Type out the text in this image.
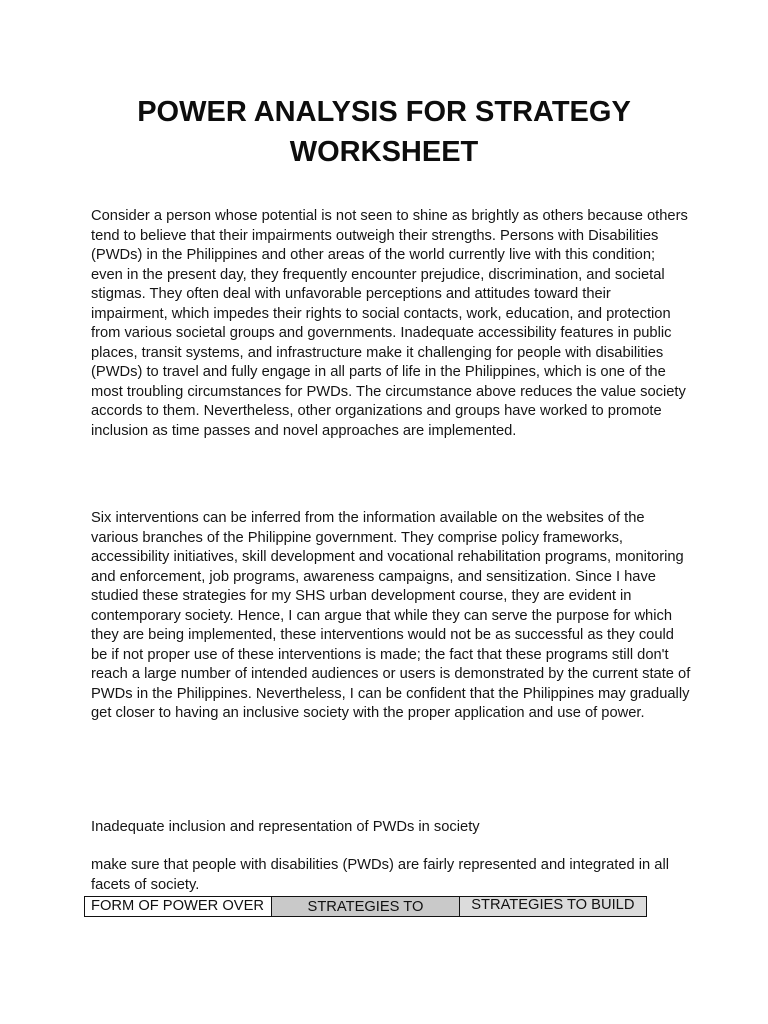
POWER ANALYSIS FOR STRATEGY
WORKSHEET

Consider a person whose potential is not seen to shine as brightly as others because others tend to believe that their impairments outweigh their strengths. Persons with Disabilities (PWDs) in the Philippines and other areas of the world currently live with this condition; even in the present day, they frequently encounter prejudice, discrimination, and societal stigmas. They often deal with unfavorable perceptions and attitudes toward their impairment, which impedes their rights to social contacts, work, education, and protection from various societal groups and governments. Inadequate accessibility features in public places, transit systems, and infrastructure make it challenging for people with disabilities (PWDs) to travel and fully engage in all parts of life in the Philippines, which is one of the most troubling circumstances for PWDs. The circumstance above reduces the value society accords to them. Nevertheless, other organizations and groups have worked to promote inclusion as time passes and novel approaches are implemented.

Six interventions can be inferred from the information available on the websites of the various branches of the Philippine government. They comprise policy frameworks, accessibility initiatives, skill development and vocational rehabilitation programs, monitoring and enforcement, job programs, awareness campaigns, and sensitization. Since I have studied these strategies for my SHS urban development course, they are evident in contemporary society. Hence, I can argue that while they can serve the purpose for which they are being implemented, these interventions would not be as successful as they could be if not proper use of these interventions is made; the fact that these programs still don't reach a large number of intended audiences or users is demonstrated by the current state of PWDs in the Philippines. Nevertheless, I can be confident that the Philippines may gradually get closer to having an inclusive society with the proper application and use of power.

Inadequate inclusion and representation of PWDs in society

make sure that people with disabilities (PWDs) are fairly represented and integrated in all facets of society.

FORM OF POWER OVER	STRATEGIES TO	STRATEGIES TO BUILD
